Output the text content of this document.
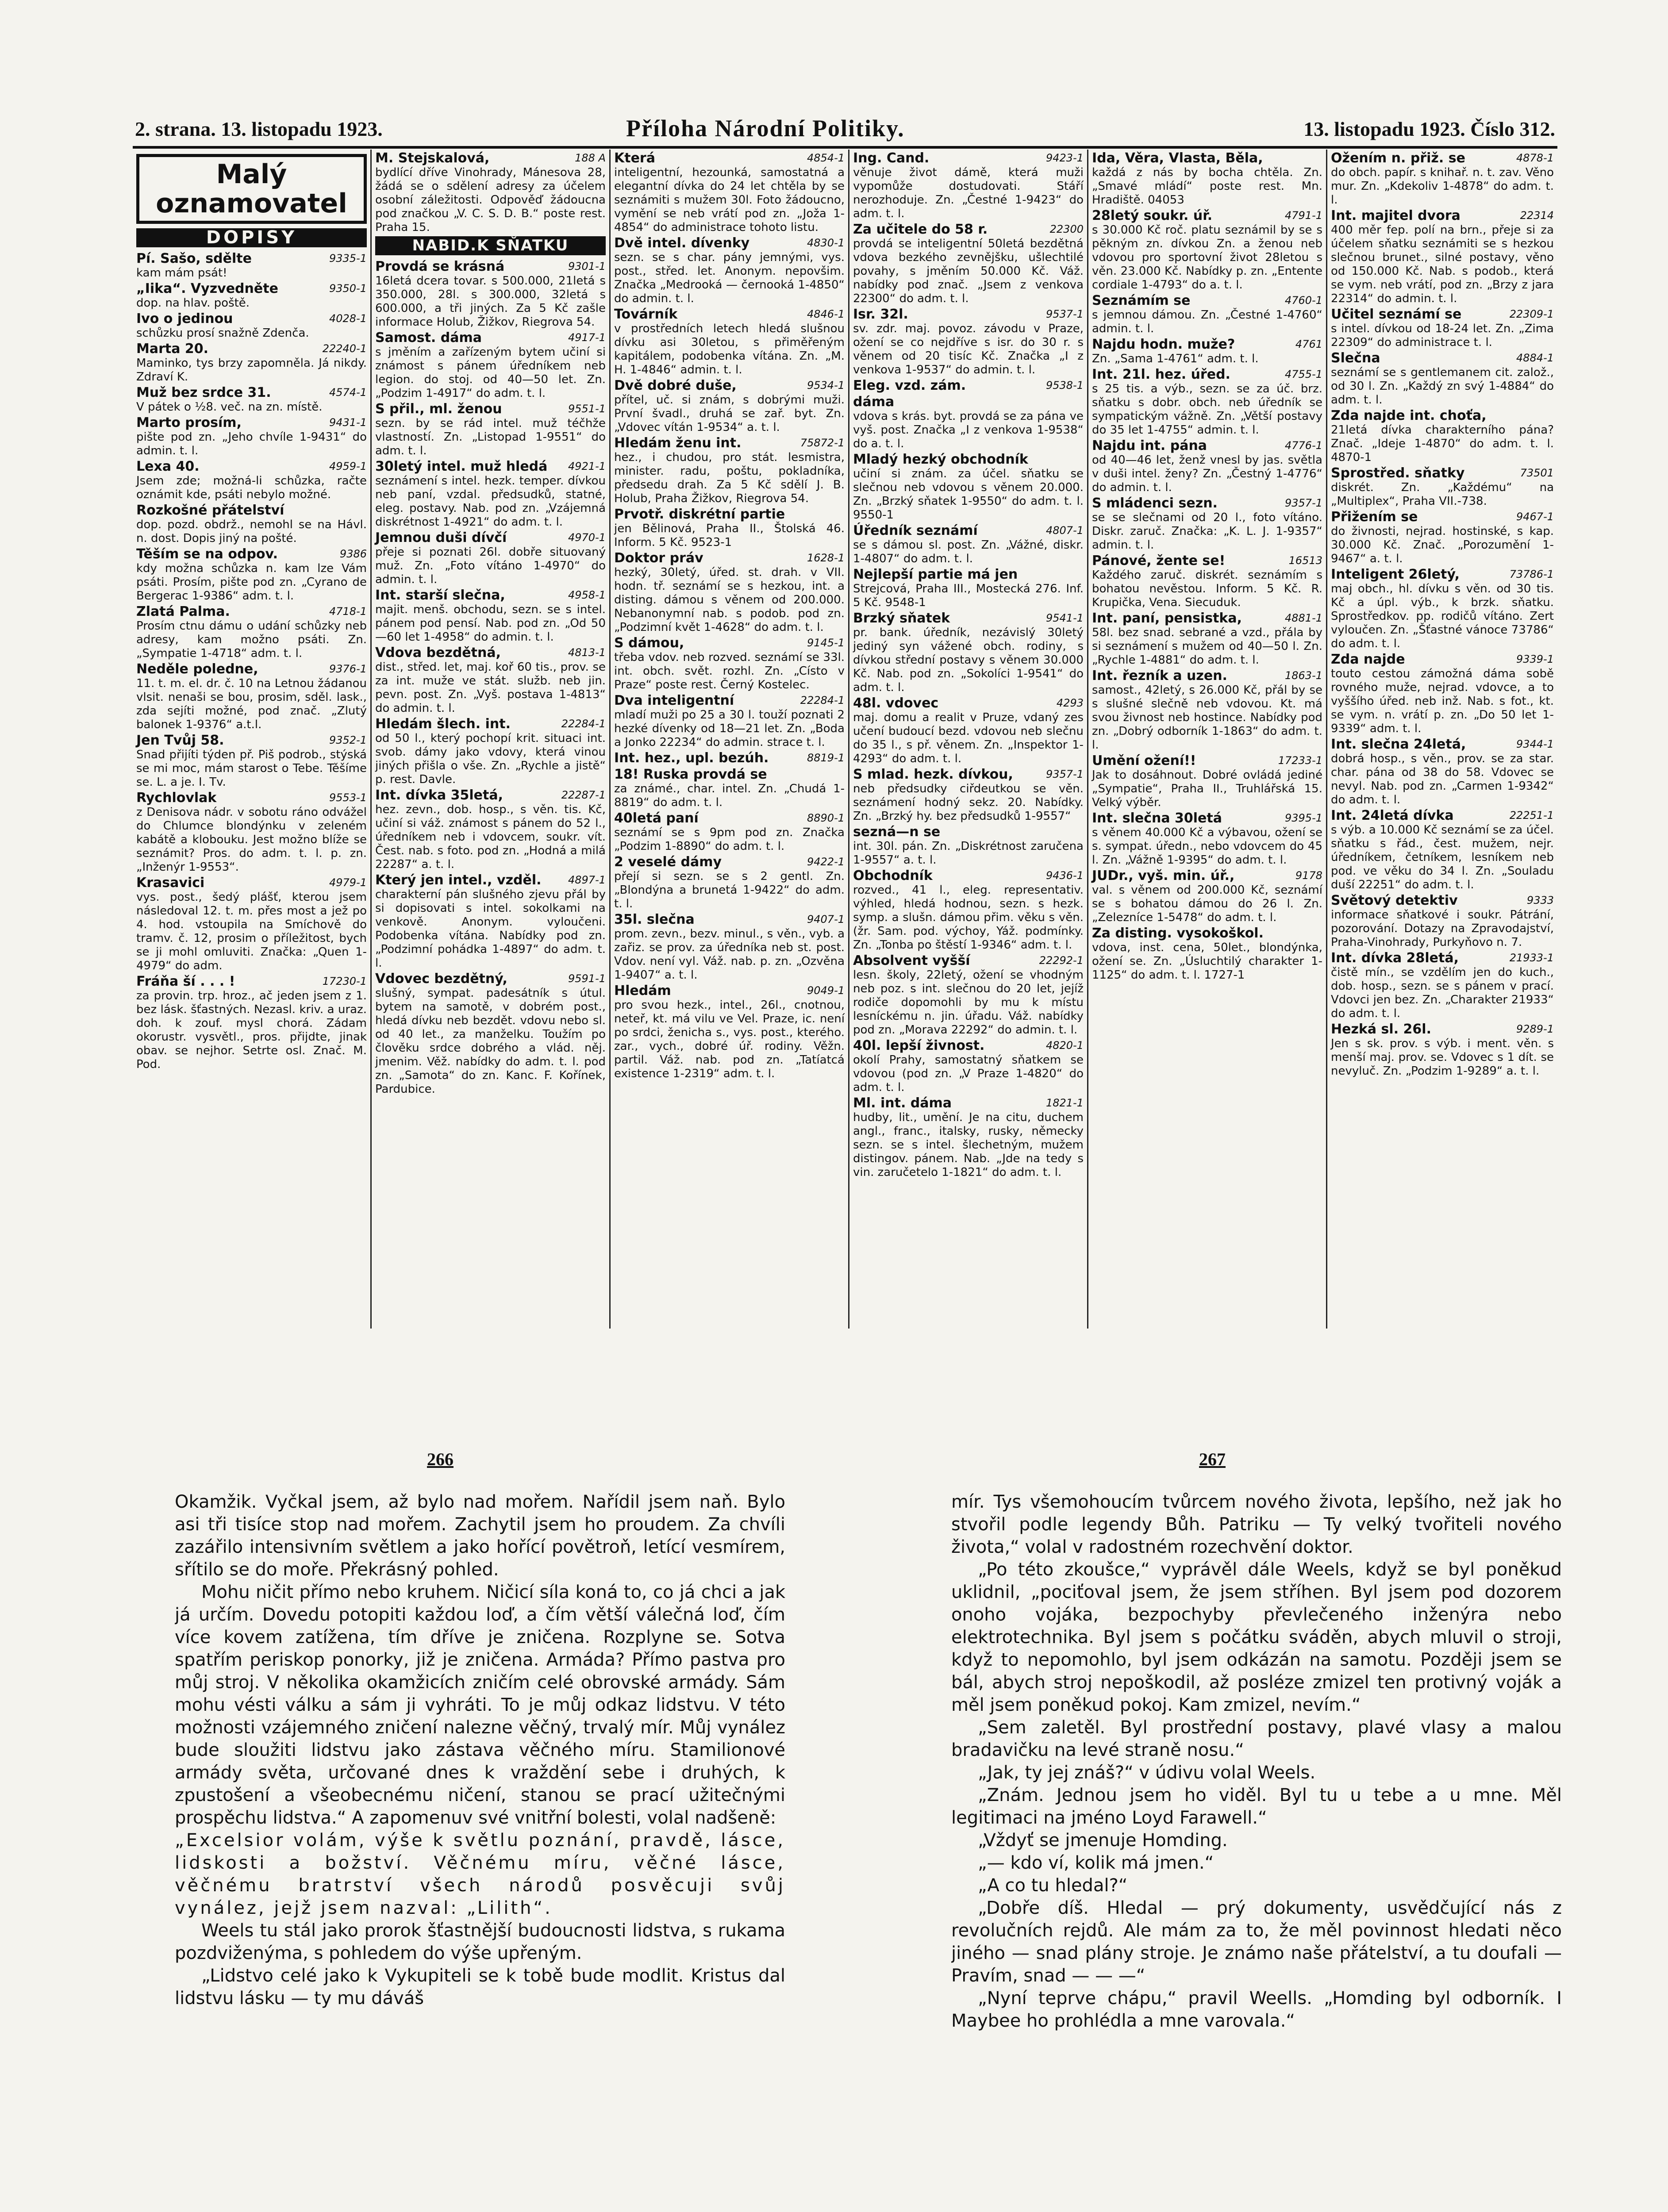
2. strana. 13. listopadu 1923.	Příloha Národní Politiky.	13. listopadu 1923. Číslo 312.
Malý
oznamovatel
DOPISY
9335-1
Pí. Sašo, sdělte
kam mám psát!
9350-1
„Iika“. Vyzvedněte
dop. na hlav. poště.
4028-1
Ivo o jedinou
schůzku prosí snažně Zdenča.
22240-1
Marta 20.
Maminko, tys brzy zapomněla. Já nikdy. Zdraví K.
4574-1
Muž bez srdce 31.
V pátek o ½8. več. na zn. místě.
9431-1
Marto prosím,
pište pod zn. „Jeho chvíle 1-9431“ do admin. t. l.
4959-1
Lexa 40.
Jsem zde; možná-li schůzka, račte oznámit kde, psáti nebylo možné.
Rozkošné přátelství
dop. pozd. obdrž., nemohl se na Hávl. n. dost. Dopis jiný na pošté.
9386
Těším se na odpov.
kdy možna schůzka n. kam lze Vám psáti. Prosím, pište pod zn. „Cyrano de Bergerac 1-9386“ adm. t. l.
4718-1
Zlatá Palma.
Prosím ctnu dámu o udání schůzky neb adresy, kam možno psáti. Zn. „Sympatie 1-4718“ adm. t. l.
9376-1
Neděle poledne,
11. t. m. el. dr. č. 10 na Letnou žádanou vlsit. nenaši se bou, prosim, sděl. lask., zda sejíti možné, pod znač. „Zlutý balonek 1-9376“ a.t.l.
9352-1
Jen Tvůj 58.
Snad přijíti týden př. Piš podrob., stýská se mi moc, mám starost o Tebe. Těšíme se. L. a je. I. Tv.
9553-1
Rychlovlak
z Denisova nádr. v sobotu ráno odvážel do Chlumce blondýnku v zeleném kabátě a klobouku. Jest možno blíže se seznámit? Pros. do adm. t. l. p. zn. „Inženýr 1-9553“.
4979-1
Krasavici
vys. post., šedý plášť, kterou jsem následoval 12. t. m. přes most a jež po 4. hod. vstoupila na Smíchově do tramv. č. 12, prosim o příležitost, bych se ji mohl omluviti. Značka: „Quen 1-4979“ do adm.
17230-1
Fráňa ší . . . !
za provin. trp. hroz., ač jeden jsem z 1. bez lásk. šťastných. Nezasl. kriv. a uraz. doh. k zouf. mysl chorá. Zádam okorustr. vysvětl., pros. přijdte, jinak obav. se nejhor. Setrte osl. Znač. M. Pod.
188 A
M. Stejskalová,
bydlící dříve Vinohrady, Mánesova 28, žádá se o sdělení adresy za účelem osobní záležitosti. Odpověď žádoucna pod značkou „V. C. S. D. B.“ poste rest. Praha 15.
NABID.K SŇATKU
9301-1
Provdá se krásná
16letá dcera tovar. s 500.000, 21letá s 350.000, 28l. s 300.000, 32letá s 600.000, a tři jiných. Za 5 Kč zašle informace Holub, Žižkov, Riegrova 54.
4917-1
Samost. dáma
s jměním a zařízeným bytem učiní si známost s pánem úředníkem neb legion. do stoj. od 40—50 let. Zn. „Podzim 1-4917“ do adm. t. l.
9551-1
S přil., ml. ženou
sezn. by se rád intel. muž téčhže vlastností. Zn. „Listopad 1-9551“ do adm. t. l.
4921-1
30letý intel. muž hledá
seznámení s intel. hezk. temper. dívkou neb paní, vzdal. předsudků, statné, eleg. postavy. Nab. pod zn. „Vzájemná diskrétnost 1-4921“ do adm. t. l.
4970-1
Jemnou duši dívčí
přeje si poznati 26l. dobře situovaný muž. Zn. „Foto vítáno 1-4970“ do admin. t. l.
4958-1
Int. starší slečna,
majit. menš. obchodu, sezn. se s intel. pánem pod pensí. Nab. pod zn. „Od 50—60 let 1-4958“ do admin. t. l.
4813-1
Vdova bezdětná,
dist., střed. let, maj. koř 60 tis., prov. se za int. muže ve stát. služb. neb jin. pevn. post. Zn. „Vyš. postava 1-4813“ do admin. t. l.
22284-1
Hledám šlech. int.
od 50 l., který pochopí krit. situaci int. svob. dámy jako vdovy, která vinou jiných přišla o vše. Zn. „Rychle a jistě“ p. rest. Davle.
22287-1
Int. dívka 35letá,
hez. zevn., dob. hosp., s věn. tis. Kč, učiní si váž. známost s pánem do 52 l., úředníkem neb i vdovcem, soukr. vít. Čest. nab. s foto. pod zn. „Hodná a milá 22287“ a. t. l.
4897-1
Který jen intel., vzděl.
charakterní pán slušného zjevu přál by si dopisovati s intel. sokolkami na venkově. Anonym. vyloučeni. Podobenka vítána. Nabídky pod zn. „Podzimní pohádka 1-4897“ do adm. t. l.
9591-1
Vdovec bezdětný,
slušný, sympat. padesátník s útul. bytem na samotě, v dobrém post., hledá dívku neb bezdět. vdovu nebo sl. od 40 let., za manželku. Toužím po člověku srdce dobrého a vlád. něj. jmenim. Věž. nabídky do adm. t. l. pod zn. „Samota“ do zn. Kanc. F. Kořínek, Pardubice.
4854-1
Která
inteligentní, hezounká, samostatná a elegantní dívka do 24 let chtěla by se seznámiti s mužem 30l. Foto žádoucno, vymění se neb vrátí pod zn. „Joža 1-4854“ do administrace tohoto listu.
4830-1
Dvě intel. dívenky
sezn. se s char. pány jemnými, vys. post., střed. let. Anonym. nepovšim. Značka „Medrooká — černooká 1-4850“ do admin. t. l.
4846-1
Továrník
v prostředních letech hledá slušnou dívku asi 30letou, s přiměřeným kapitálem, podobenka vítána. Zn. „M. H. 1-4846“ admin. t. l.
9534-1
Dvě dobré duše,
přítel, uč. si znám, s dobrými muži. První švadl., druhá se zař. byt. Zn. „Vdovec vítán 1-9534“ a. t. l.
75872-1
Hledám ženu int.
hez., i chudou, pro stát. lesmistra, minister. radu, poštu, pokladníka, předsedu drah. Za 5 Kč sdělí J. B. Holub, Praha Žižkov, Riegrova 54.
Prvotř. diskrétní partie
jen Bělinová, Praha II., Štolská 46. Inform. 5 Kč. 9523-1
1628-1
Doktor práv
hezký, 30letý, úřed. st. drah. v VII. hodn. tř. seznámí se s hezkou, int. a disting. dámou s věnem od 200.000. Nebanonymní nab. s podob. pod zn. „Podzimní květ 1-4628“ do adm. t. l.
9145-1
S dámou,
třeba vdov. neb rozved. seznámí se 33l. int. obch. svět. rozhl. Zn. „Císto v Praze“ poste rest. Černý Kostelec.
22284-1
Dva inteligentní
mladí muži po 25 a 30 l. touží poznati 2 hezké dívenky od 18—21 let. Zn. „Boda a Jonko 22234“ do admin. strace t. l.
8819-1
Int. hez., upl. bezúh.
18! Ruska provdá se
za známé., char. intel. Zn. „Chudá 1-8819“ do adm. t. l.
8890-1
40letá paní
seznámí se s 9pm pod zn. Značka „Podzim 1-8890“ do adm. t. l.
9422-1
2 veselé dámy
přejí si sezn. se s 2 gentl. Zn. „Blondýna a brunetá 1-9422“ do adm. t. l.
9407-1
35l. slečna
prom. zevn., bezv. minul., s věn., vyb. a zařiz. se prov. za úředníka neb st. post. Vdov. není vyl. Váž. nab. p. zn. „Ozvěna 1-9407“ a. t. l.
9049-1
Hledám
pro svou hezk., intel., 26l., cnotnou, neteř, kt. má vilu ve Vel. Praze, ic. není po srdci, ženicha s., vys. post., kterého. zar., vych., dobré úř. rodiny. Věžn. partil. Váž. nab. pod zn. „Tatíatcá existence 1-2319“ adm. t. l.
9423-1
Ing. Cand.
věnuje život dámě, která muži vypomůže dostudovati. Stáří nerozhoduje. Zn. „Čestné 1-9423“ do adm. t. l.
22300
Za učitele do 58 r.
provdá se inteligentní 50letá bezdětná vdova bezkého zevnějšku, ušlechtilé povahy, s jměním 50.000 Kč. Váž. nabídky pod znač. „Jsem z venkova 22300“ do adm. t. l.
9537-1
Isr. 32l.
sv. zdr. maj. povoz. závodu v Praze, ožení se co nejdříve s isr. do 30 r. s věnem od 20 tisíc Kč. Značka „I z venkova 1-9537“ do admin. t. l.
9538-1
Eleg. vzd. zám.
dáma
vdova s krás. byt. provdá se za pána ve vyš. post. Značka „I z venkova 1-9538“ do a. t. l.
Mladý hezký obchodník
učiní si znám. za účel. sňatku se slečnou neb vdovou s věnem 20.000. Zn. „Brzký sňatek 1-9550“ do adm. t. l. 9550-1
4807-1
Úředník seznámí
se s dámou sl. post. Zn. „Vážné, diskr. 1-4807“ do adm. t. l.
Nejlepší partie má jen
Strejcová, Praha III., Mostecká 276. Inf. 5 Kč. 9548-1
9541-1
Brzký sňatek
pr. bank. úředník, nezávislý 30letý jediný syn vážené obch. rodiny, s dívkou střední postavy s věnem 30.000 Kč. Nab. pod zn. „Sokolíci 1-9541“ do adm. t. l.
4293
48l. vdovec
maj. domu a realit v Pruze, vdaný zes učení budoucí bezd. vdovou neb slečnu do 35 l., s př. věnem. Zn. „Inspektor 1-4293“ do adm. t. l.
9357-1
S mlad. hezk. dívkou,
neb předsudky ciřdeutkou se věn. seznámení hodný sekz. 20. Nabídky. Zn. „Brzký hy. bez předsudků 1-9557“
sezná—n se
int. 30l. pán. Zn. „Diskrétnost zaručena 1-9557“ a. t. l.
9436-1
Obchodník
rozved., 41 l., eleg. representativ. výhled, hledá hodnou, sezn. s hezk. symp. a slušn. dámou přim. věku s věn. (žr. Sam. pod. výchoy, Yáž. podmínky. Zn. „Tonba po štěstí 1-9346“ adm. t. l.
22292-1
Absolvent vyšší
lesn. školy, 22letý, ožení se vhodným neb poz. s int. slečnou do 20 let, jejíž rodiče dopomohli by mu k místu lesníckému n. jin. úřadu. Váž. nabídky pod zn. „Morava 22292“ do admin. t. l.
4820-1
40l. lepší živnost.
okolí Prahy, samostatný sňatkem se vdovou (pod zn. „V Praze 1-4820“ do adm. t. l.
1821-1
Ml. int. dáma
hudby, lit., umění. Je na citu, duchem angl., franc., italsky, rusky, německy sezn. se s intel. šlechetným, mužem distingov. pánem. Nab. „Jde na tedy s vin. zaručetelo 1-1821“ do adm. t. l.
Ida, Věra, Vlasta, Běla,
každá z nás by bocha chtěla. Zn. „Smavé mládí“ poste rest. Mn. Hradiště. 04053
4791-1
28letý soukr. úř.
s 30.000 Kč roč. platu seznámil by se s pěkným zn. dívkou Zn. a ženou neb vdovou pro sportovní život 28letou s věn. 23.000 Kč. Nabídky p. zn. „Entente cordiale 1-4793“ do a. t. l.
4760-1
Seznámím se
s jemnou dámou. Zn. „Čestné 1-4760“ admin. t. l.
4761
Najdu hodn. muže?
Zn. „Sama 1-4761“ adm. t. l.
4755-1
Int. 21l. hez. úřed.
s 25 tis. a výb., sezn. se za úč. brz. sňatku s dobr. obch. neb úředník se sympatickým vážně. Zn. „Větší postavy do 35 let 1-4755“ admin. t. l.
4776-1
Najdu int. pána
od 40—46 let, ženž vnesl by jas. světla v duši intel. ženy? Zn. „Čestný 1-4776“ do admin. t. l.
9357-1
S mládenci sezn.
se se slečnami od 20 l., foto vítáno. Diskr. zaruč. Značka: „K. L. J. 1-9357“ admin. t. l.
16513
Pánové, žente se!
Každého zaruč. diskrét. seznámím s bohatou nevěstou. Inform. 5 Kč. R. Krupička, Vena. Siecuduk.
4881-1
Int. paní, pensistka,
58l. bez snad. sebrané a vzd., přála by si seznámení s mužem od 40—50 l. Zn. „Rychle 1-4881“ do adm. t. l.
1863-1
Int. řezník a uzen.
samost., 42letý, s 26.000 Kč, přál by se s slušné slečně neb vdovou. Kt. má svou živnost neb hostince. Nabídky pod zn. „Dobrý odborník 1-1863“ do adm. t. l.
17233-1
Umění ožení!!
Jak to dosáhnout. Dobré ovládá jediné „Sympatie“, Praha II., Truhlářská 15. Velký výběr.
9395-1
Int. slečna 30letá
s věnem 40.000 Kč a výbavou, ožení se s. sympat. úředn., nebo vdovcem do 45 l. Zn. „Vážně 1-9395“ do adm. t. l.
9178
JUDr., vyš. min. úř.,
val. s věnem od 200.000 Kč, seznámí se s bohatou dámou do 26 l. Zn. „Zelezníce 1-5478“ do adm. t. l.
Za disting. vysokoškol.
vdova, inst. cena, 50let., blondýnka, ožení se. Zn. „Úsluchtilý charakter 1-1125“ do adm. t. l. 1727-1
4878-1
Ožením n. přiž. se
do obch. papír. s knihař. n. t. zav. Věno mur. Zn. „Kdekoliv 1-4878“ do adm. t. l.
22314
Int. majitel dvora
400 měr fep. polí na brn., přeje si za účelem sňatku seznámiti se s hezkou slečnou brunet., silné postavy, věno od 150.000 Kč. Nab. s podob., která se vym. neb vrátí, pod zn. „Brzy z jara 22314“ do admin. t. l.
22309-1
Učitel seznámí se
s intel. dívkou od 18-24 let. Zn. „Zima 22309“ do administrace t. l.
4884-1
Slečna
seznámí se s gentlemanem cit. založ., od 30 l. Zn. „Každý zn svý 1-4884“ do adm. t. l.
Zda najde int. choťa,
21letá dívka charakterního pána? Znač. „Ideje 1-4870“ do adm. t. l. 4870-1
73501
Sprostřed. sňatky
diskrét. Zn. „Každému“ na „Multiplex“, Praha VII.-738.
9467-1
Přižením se
do živnosti, nejrad. hostinské, s kap. 30.000 Kč. Znač. „Porozumění 1-9467“ a. t. l.
73786-1
Inteligent 26letý,
maj obch., hl. dívku s věn. od 30 tis. Kč a úpl. výb., k brzk. sňatku. Sprostředkov. pp. rodičů vítáno. Zert vyloučen. Zn. „Šťastné vánoce 73786“ do adm. t. l.
9339-1
Zda najde
touto cestou zámožná dáma sobě rovného muže, nejrad. vdovce, a to vyššího úřed. neb inž. Nab. s fot., kt. se vym. n. vrátí p. zn. „Do 50 let 1-9339“ adm. t. l.
9344-1
Int. slečna 24letá,
dobrá hosp., s věn., prov. se za star. char. pána od 38 do 58. Vdovec se nevyl. Nab. pod zn. „Carmen 1-9342“ do adm. t. l.
22251-1
Int. 24letá dívka
s výb. a 10.000 Kč seznámí se za účel. sňatku s řád., čest. mužem, nejr. úředníkem, četníkem, lesníkem neb pod. ve věku do 34 l. Zn. „Souladu duší 22251“ do adm. t. l.
9333
Světový detektiv
informace sňatkové i soukr. Pátrání, pozorování. Dotazy na Zpravodajství, Praha-Vinohrady, Purkyňovo n. 7.
21933-1
Int. dívka 28letá,
čistě mín., se vzdělím jen do kuch., dob. hosp., sezn. se s pánem v prací. Vdovci jen bez. Zn. „Charakter 21933“ do adm. t. l.
9289-1
Hezká sl. 26l.
Jen s sk. prov. s výb. i ment. věn. s menší maj. prov. se. Vdovec s 1 dít. se nevyluč. Zn. „Podzim 1-9289“ a. t. l.
266	267

Okamžik. Vyčkal jsem, až bylo nad mořem. Nařídil jsem naň. Bylo asi tři tisíce stop nad mořem. Zachytil jsem ho proudem. Za chvíli zazářilo intensivním světlem a jako hořící povětroň, letící vesmírem, sřítilo se do moře. Překrásný pohled.

Mohu ničit přímo nebo kruhem. Ničicí síla koná to, co já chci a jak já určím. Dovedu potopiti každou loď, a čím větší válečná loď, čím více kovem zatížena, tím dříve je zničena. Rozplyne se. Sotva spatřím periskop ponorky, již je zničena. Armáda? Přímo pastva pro můj stroj. V několika okamžicích zničím celé obrovské armády. Sám mohu vésti válku a sám ji vyhráti. To je můj odkaz lidstvu. V této možnosti vzájemného zničení nalezne věčný, trvalý mír. Můj vynález bude sloužiti lidstvu jako zástava věčného míru. Stamilionové armády světa, určované dnes k vraždění sebe i druhých, k zpustošení a všeobecnému ničení, stanou se prací užitečnými prospěchu lidstva.“ A zapomenuv své vnitřní bolesti, volal nadšeně:

„Excelsior volám, výše k světlu poznání, pravdě, lásce, lidskosti a božství. Věčnému míru, věčné lásce, věčnému bratrství všech národů posvěcuji svůj vynález, jejž jsem nazval: „Lilith“.

Weels tu stál jako prorok šťastnější budoucnosti lidstva, s rukama pozdviženýma, s pohledem do výše upřeným.

„Lidstvo celé jako k Vykupiteli se k tobě bude modlit. Kristus dal lidstvu lásku — ty mu dáváš

mír. Tys všemohoucím tvůrcem nového života, lepšího, než jak ho stvořil podle legendy Bůh. Patriku — Ty velký tvořiteli nového života,“ volal v radostném rozechvění doktor.

„Po této zkoušce,“ vyprávěl dále Weels, když se byl poněkud uklidnil, „pociťoval jsem, že jsem stříhen. Byl jsem pod dozorem onoho vojáka, bezpochyby převlečeného inženýra nebo elektrotechnika. Byl jsem s počátku sváděn, abych mluvil o stroji, když to nepomohlo, byl jsem odkázán na samotu. Později jsem se bál, abych stroj nepoškodil, až posléze zmizel ten protivný voják a měl jsem poněkud pokoj. Kam zmizel, nevím.“

„Sem zaletěl. Byl prostřední postavy, plavé vlasy a malou bradavičku na levé straně nosu.“

„Jak, ty jej znáš?“ v údivu volal Weels.

„Znám. Jednou jsem ho viděl. Byl tu u tebe a u mne. Měl legitimaci na jméno Loyd Farawell.“

„Vždyť se jmenuje Homding.

„— kdo ví, kolik má jmen.“

„A co tu hledal?“

„Dobře díš. Hledal — prý dokumenty, usvědčující nás z revolučních rejdů. Ale mám za to, že měl povinnost hledati něco jiného — snad plány stroje. Je známo naše přátelství, a tu doufali — Pravím, snad — — —“

„Nyní teprve chápu,“ pravil Weells. „Homding byl odborník. I Maybee ho prohlédla a mne varovala.“
